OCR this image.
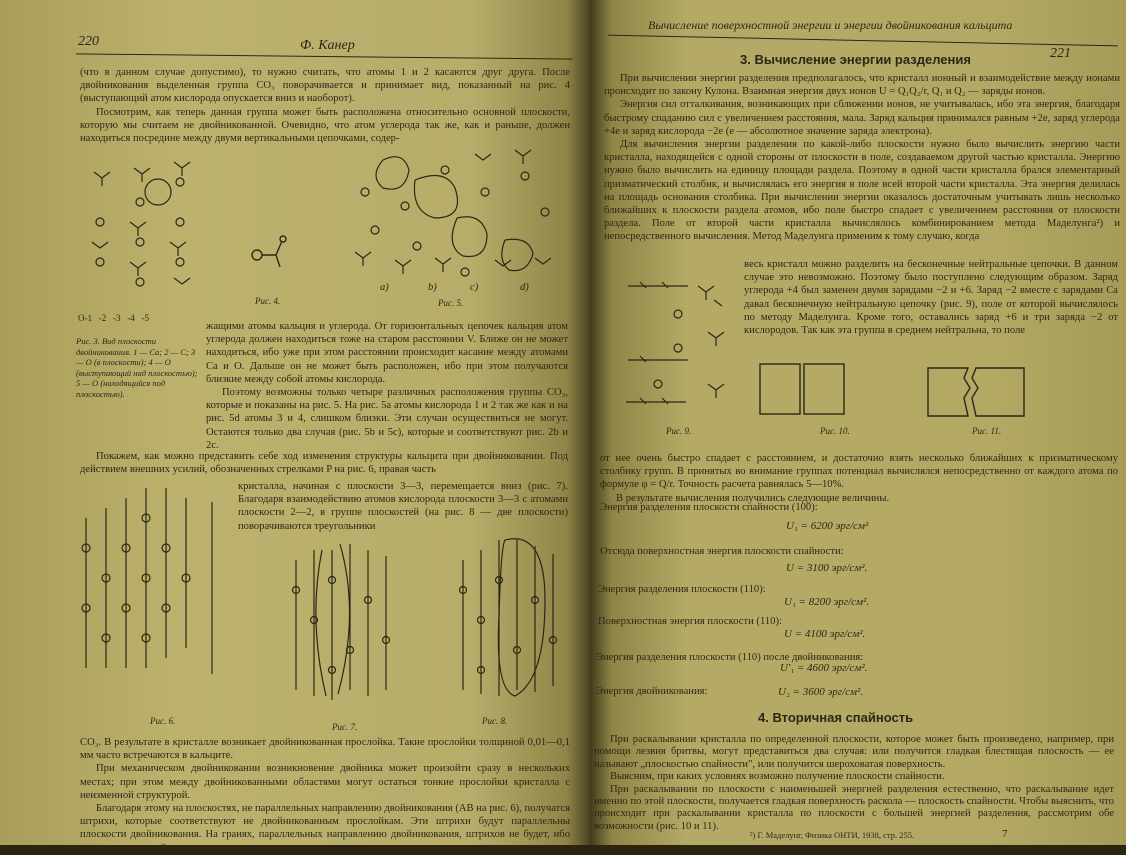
220	Ф. Канер

(что в данном случае допустимо), то нужно считать, что атомы 1 и 2 касаются друг друга. После двойникования выделенная группа CO₃ поворачивается и принимает вид, показанный на рис. 4 (выступающий атом кислорода опускается вниз и наоборот).

Посмотрим, как теперь данная группа может быть расположена относительно основной плоскости, которую мы считаем не двойникованной. Очевидно, что атом углерода так же, как и раньше, должен находиться посредине между двумя вертикальными цепочками, содер-

О-1 -2 -3 -4 -5
Рис. 3. Вид плоскости двойникования. 1 — Ca; 2 — C; 3 — O (в плоскости); 4 — O (выступающий над плоскостью); 5 — O (находящийся под плоскостью).
Рис. 4.
a)	b)	c)	d)
Рис. 5.

жащими атомы кальция и углерода. От горизонтальных цепочек кальция атом углерода должен находиться тоже на старом расстоянии V. Ближе он не может находиться, ибо уже при этом расстоянии происходит касание между атомами Ca и O. Дальше он не может быть расположен, ибо при этом получаются близкие между собой атомы кислорода.

Поэтому возможны только четыре различных расположения группы CO₃, которые и показаны на рис. 5. На рис. 5a атомы кислорода 1 и 2 так же как и на рис. 5d атомы 3 и 4, слишком близки. Эти случаи осуществиться не могут. Остаются только два случая (рис. 5b и 5c), которые и соответствуют рис. 2b и 2c.

Покажем, как можно представить себе ход изменения структуры кальцита при двойниковании. Под действием внешних усилий, обозначенных стрелками P на рис. 6, правая часть

Рис. 6.

кристалла, начиная с плоскости 3—3, перемещается вниз (рис. 7). Благодаря взаимодействию атомов кислорода плоскости 3—3 с атомами плоскости 2—2, в группе плоскостей (на рис. 8 — две плоскости) поворачиваются треугольники

Рис. 7.
Рис. 8.

CO₃. В результате в кристалле возникает двойникованная прослойка. Такие прослойки толщиной 0,01—0,1 мм часто встречаются в кальците.

При механическом двойниковании возникновение двойника может произойти сразу в нескольких местах; при этом между двойникованными областями могут остаться тонкие прослойки кристалла с неизменной структурой.

Благодаря этому на плоскостях, не параллельных направлению двойникования (AB на рис. 6), получатся штрихи, которые соответствуют не двойникованным прослойкам. Эти штрихи будут параллельны плоскости двойникования. На гранях, параллельных направлению двойникования, штрихов не будет, ибо эти грани при двойниковании не меняют своего поло-

Вычисление поверхностной энергии и энергии двойникования кальцита
221
3. Вычисление энергии разделения

При вычислении энергии разделения предполагалось, что кристалл ионный и взаимодействие между ионами происходит по закону Кулона. Взаимная энергия двух ионов U = Q₁Q₂/r, Q₁ и Q₂ — заряды ионов.

Энергия сил отталкивания, возникающих при сближении ионов, не учитывалась, ибо эта энергия, благодаря быстрому спаданию сил с увеличением расстояния, мала. Заряд кальция принимался равным +2e, заряд углерода +4e и заряд кислорода −2e (e — абсолютное значение заряда электрона).

Для вычисления энергии разделения по какой-либо плоскости нужно было вычислить энергию части кристалла, находящейся с одной стороны от плоскости в поле, создаваемом другой частью кристалла. Энергию нужно было вычислить на единицу площади раздела. Поэтому в одной части кристалла брался элементарный призматический столбик, и вычислялась его энергия в поле всей второй части кристалла. Эта энергия делилась на площадь основания столбика. При вычислении энергии оказалось достаточным учитывать лишь несколько ближайших к плоскости раздела атомов, ибо поле быстро спадает с увеличением расстояния от плоскости раздела. Поле от второй части кристалла вычислялось комбинированием метода Маделунга²) и непосредственного вычисления. Метод Маделунга применим к тому случаю, когда

Рис. 9.

весь кристалл можно разделить на бесконечные нейтральные цепочки. В данном случае это невозможно. Поэтому было поступлено следующим образом. Заряд углерода +4 был заменен двумя зарядами −2 и +6. Заряд −2 вместе с зарядами Ca давал бесконечную нейтральную цепочку (рис. 9), поле от которой вычислялось по методу Маделунга. Кроме того, оставались заряд +6 и три заряда −2 от кислородов. Так как эта группа в среднем нейтральна, то поле

Рис. 10.	Рис. 11.

от нее очень быстро спадает с расстоянием, и достаточно взять несколько ближайших к призматическому столбику групп. В принятых во внимание группах потенциал вычислялся непосредственно от каждого атома по формуле φ = Q/r. Точность расчета равнялась 5—10%.

В результате вычисления получились следующие величины.

Энергия разделения плоскости спайности (100):
U₁ = 6200 эрг/см²
Отсюда поверхностная энергия плоскости спайности:
U = 3100 эрг/см².
Энергия разделения плоскости (110):
U₁ = 8200 эрг/см².
Поверхностная энергия плоскости (110):
U = 4100 эрг/см².
Энергия разделения плоскости (110) после двойникования:
U'₁ = 4600 эрг/см².
Энергия двойникования:	U₂ = 3600 эрг/см².
4. Вторичная спайность

При раскалывании кристалла по определенной плоскости, которое может быть произведено, например, при помощи лезвия бритвы, могут представиться два случая: или получится гладкая блестящая плоскость — ее называют „плоскостью спайности", или получится шероховатая поверхность.

Выясним, при каких условиях возможно получение плоскости спайности.

При раскалывании по плоскости с наименьшей энергией разделения естественно, что раскалывание идет именно по этой плоскости, получается гладкая поверхность раскола — плоскость спайности. Чтобы выяснить, что происходит при раскалывании кристалла по плоскости с большей энергией разделения, рассмотрим обе возможности (рис. 10 и 11).

²) Г. Маделунг, Физика ОНТИ, 1938, стр. 255.	7
